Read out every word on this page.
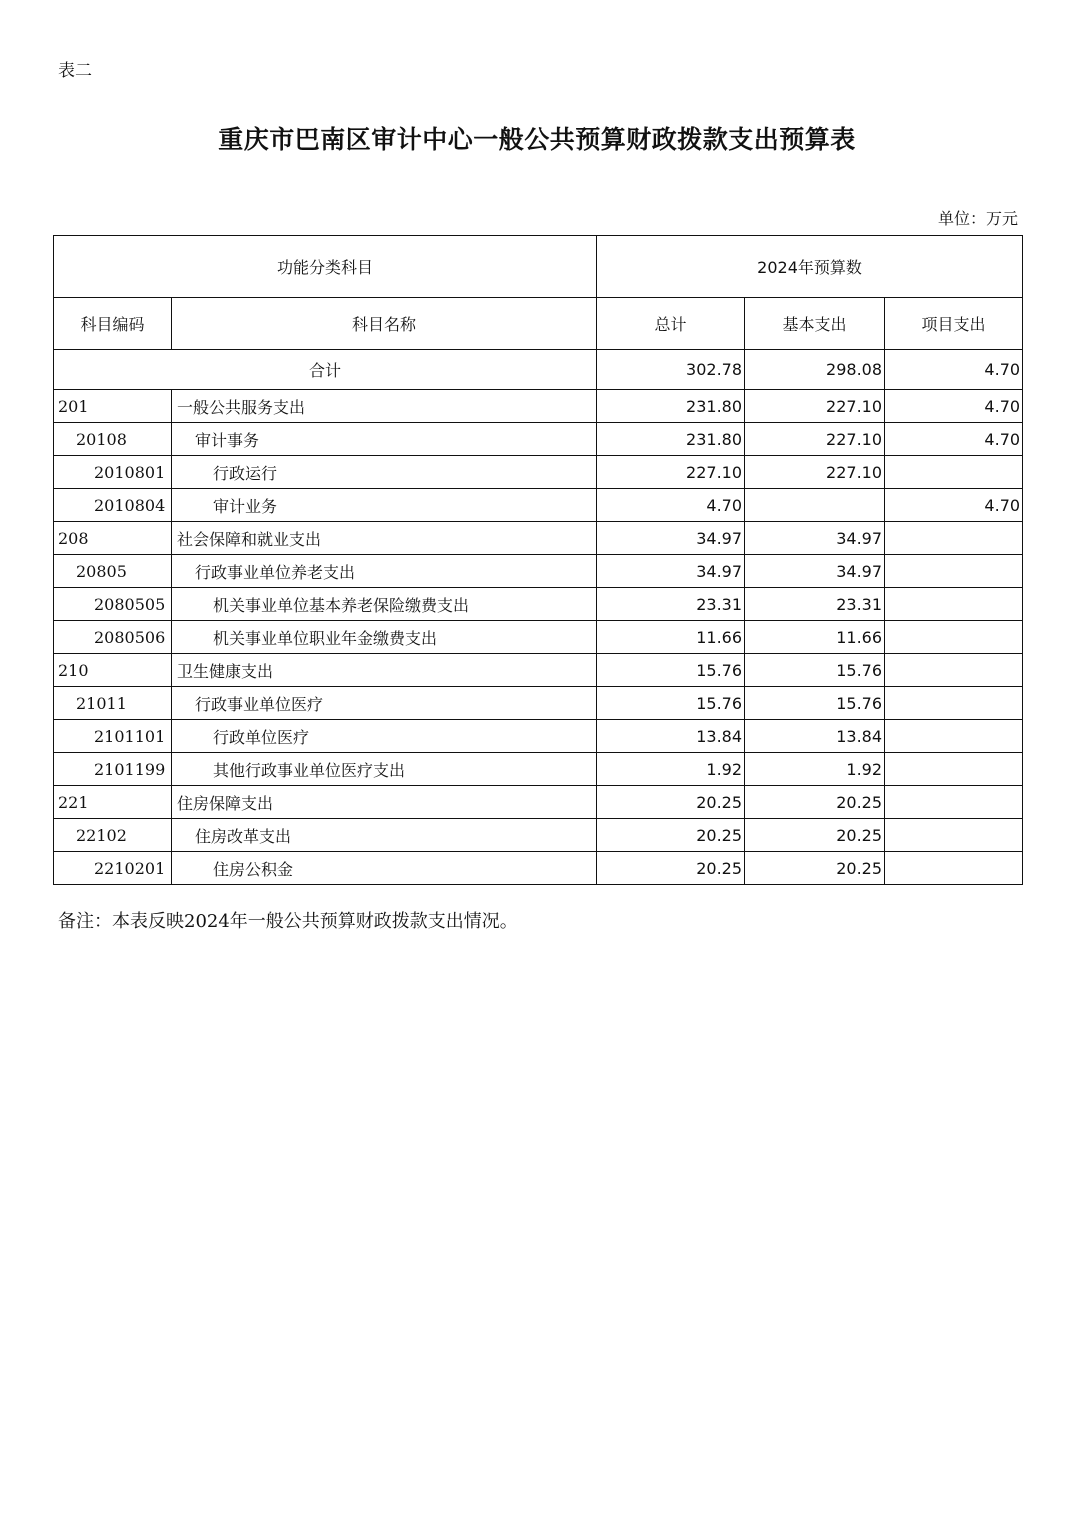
表二
重庆市巴南区审计中心一般公共预算财政拨款支出预算表
单位：万元
功能分类科目		2024年预算数		
科目编码	科目名称	总计	基本支出	项目支出
合计		302.78	298.08	4.70
201	一般公共服务支出	231.80	227.10	4.70
20108	审计事务	231.80	227.10	4.70
2010801	行政运行	227.10	227.10	
2010804	审计业务	4.70		4.70
208	社会保障和就业支出	34.97	34.97	
20805	行政事业单位养老支出	34.97	34.97	
2080505	机关事业单位基本养老保险缴费支出	23.31	23.31	
2080506	机关事业单位职业年金缴费支出	11.66	11.66	
210	卫生健康支出	15.76	15.76	
21011	行政事业单位医疗	15.76	15.76	
2101101	行政单位医疗	13.84	13.84	
2101199	其他行政事业单位医疗支出	1.92	1.92	
221	住房保障支出	20.25	20.25	
22102	住房改革支出	20.25	20.25	
2210201	住房公积金	20.25	20.25	
备注：本表反映2024年一般公共预算财政拨款支出情况。
